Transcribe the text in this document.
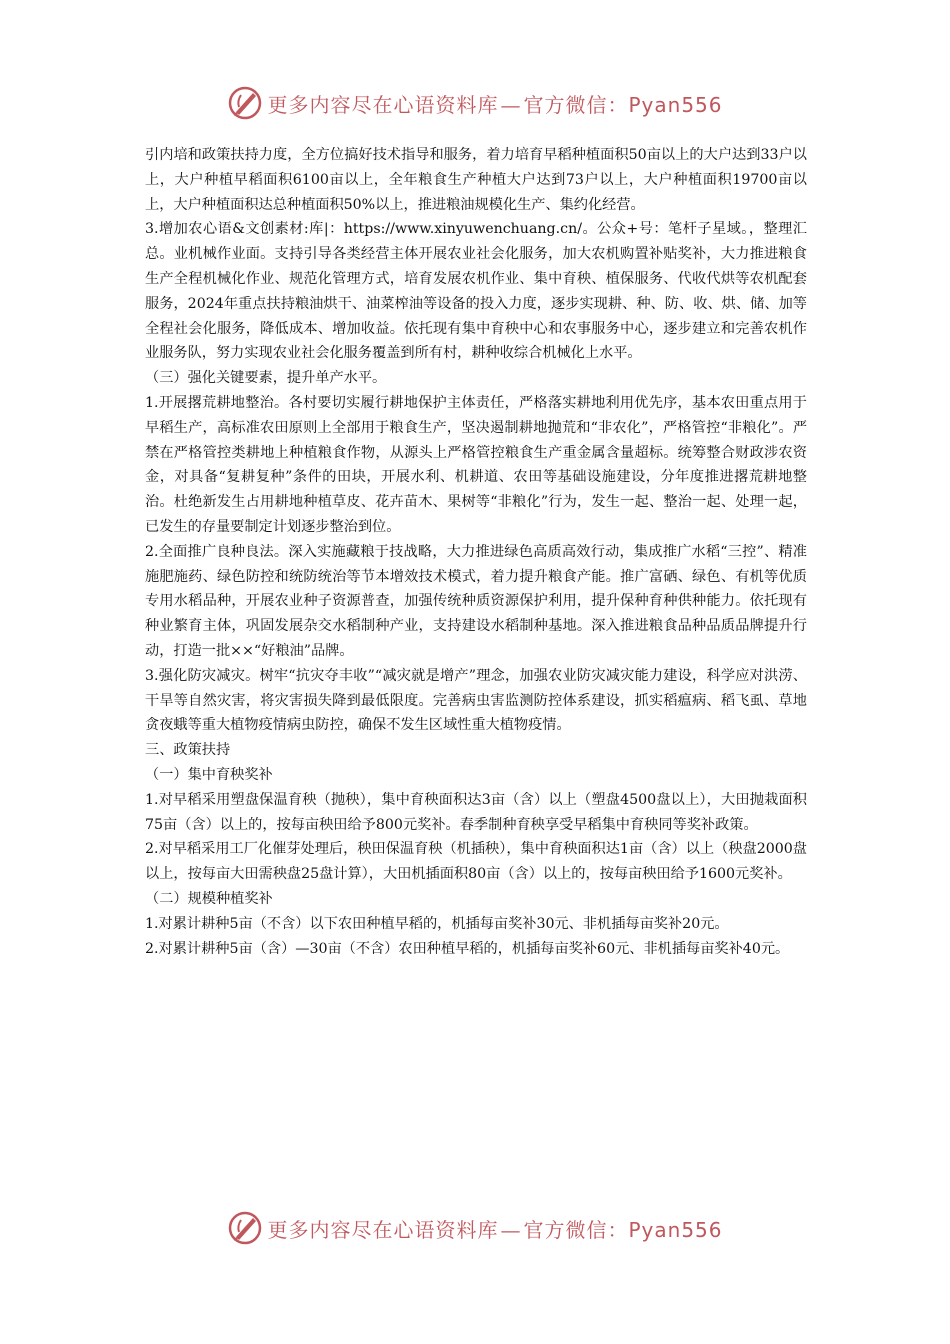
更多内容尽在心语资料库 — 官方微信：Pyan556

引内培和政策扶持力度，全方位搞好技术指导和服务，着力培育早稻种植面积50亩以上的大户达到33户以上，大户种植早稻面积6100亩以上，全年粮食生产种植大户达到73户以上，大户种植面积19700亩以上，大户种植面积达总种植面积50%以上，推进粮油规模化生产、集约化经营。

3.增加农心语&文创素材:库|：https://www.xinyuwenchuang.cn/。公众+号：笔杆子星域。，整理汇总。业机械作业面。支持引导各类经营主体开展农业社会化服务，加大农机购置补贴奖补，大力推进粮食生产全程机械化作业、规范化管理方式，培育发展农机作业、集中育秧、植保服务、代收代烘等农机配套服务，2024年重点扶持粮油烘干、油菜榨油等设备的投入力度，逐步实现耕、种、防、收、烘、储、加等全程社会化服务，降低成本、增加收益。依托现有集中育秧中心和农事服务中心，逐步建立和完善农机作业服务队，努力实现农业社会化服务覆盖到所有村，耕种收综合机械化上水平。

（三）强化关键要素，提升单产水平。

1.开展撂荒耕地整治。各村要切实履行耕地保护主体责任，严格落实耕地利用优先序，基本农田重点用于早稻生产，高标准农田原则上全部用于粮食生产，坚决遏制耕地抛荒和“非农化”，严格管控“非粮化”。严禁在严格管控类耕地上种植粮食作物，从源头上严格管控粮食生产重金属含量超标。统筹整合财政涉农资金，对具备“复耕复种”条件的田块，开展水利、机耕道、农田等基础设施建设，分年度推进撂荒耕地整治。杜绝新发生占用耕地种植草皮、花卉苗木、果树等“非粮化”行为，发生一起、整治一起、处理一起，已发生的存量要制定计划逐步整治到位。

2.全面推广良种良法。深入实施藏粮于技战略，大力推进绿色高质高效行动，集成推广水稻“三控”、精准施肥施药、绿色防控和统防统治等节本增效技术模式，着力提升粮食产能。推广富硒、绿色、有机等优质专用水稻品种，开展农业种子资源普查，加强传统种质资源保护利用，提升保种育种供种能力。依托现有种业繁育主体，巩固发展杂交水稻制种产业，支持建设水稻制种基地。深入推进粮食品种品质品牌提升行动，打造一批××“好粮油”品牌。

3.强化防灾减灾。树牢“抗灾夺丰收”“减灾就是增产”理念，加强农业防灾减灾能力建设，科学应对洪涝、干旱等自然灾害，将灾害损失降到最低限度。完善病虫害监测防控体系建设，抓实稻瘟病、稻飞虱、草地贪夜蛾等重大植物疫情病虫防控，确保不发生区域性重大植物疫情。

三、政策扶持

（一）集中育秧奖补

1.对早稻采用塑盘保温育秧（抛秧），集中育秧面积达3亩（含）以上（塑盘4500盘以上），大田抛栽面积75亩（含）以上的，按每亩秧田给予800元奖补。春季制种育秧享受早稻集中育秧同等奖补政策。

2.对早稻采用工厂化催芽处理后，秧田保温育秧（机插秧），集中育秧面积达1亩（含）以上（秧盘2000盘以上，按每亩大田需秧盘25盘计算），大田机插面积80亩（含）以上的，按每亩秧田给予1600元奖补。

（二）规模种植奖补

1.对累计耕种5亩（不含）以下农田种植早稻的，机插每亩奖补30元、非机插每亩奖补20元。

2.对累计耕种5亩（含）—30亩（不含）农田种植早稻的，机插每亩奖补60元、非机插每亩奖补40元。

更多内容尽在心语资料库 — 官方微信：Pyan556
